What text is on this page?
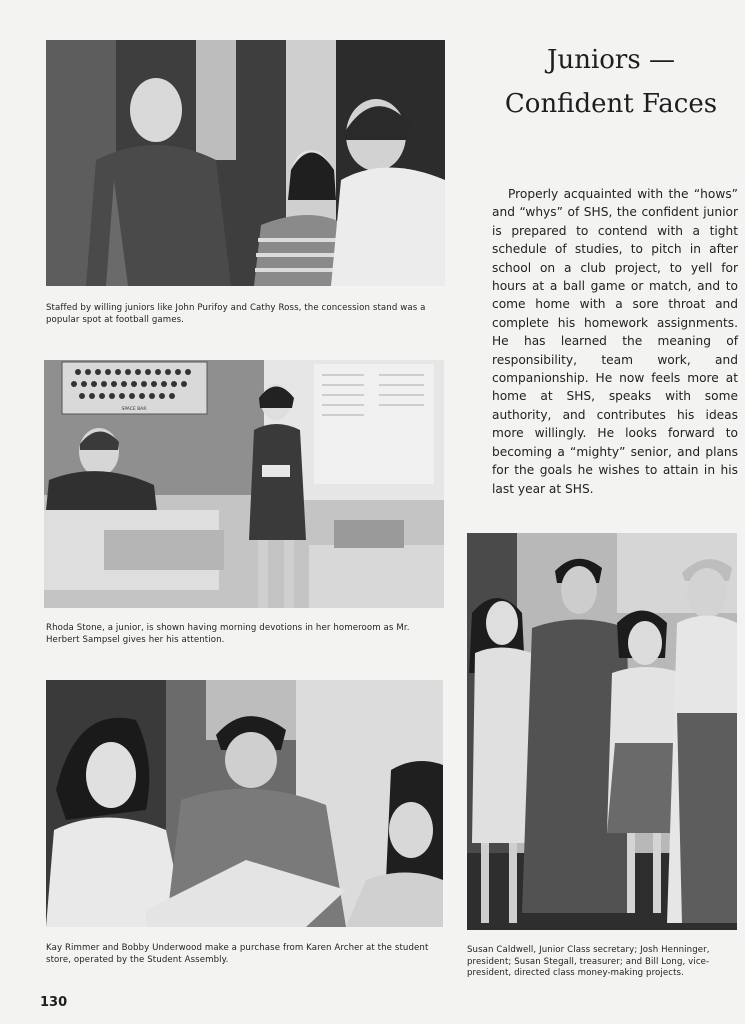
Staffed by willing juniors like John Purifoy and Cathy Ross, the concession stand was a popular spot at football games.
SPACE BAR
Rhoda Stone, a junior, is shown having morning devotions in her homeroom as Mr. Herbert Sampsel gives her his attention.
Kay Rimmer and Bobby Underwood make a purchase from Karen Archer at the student store, operated by the Student Assembly.
Susan Caldwell, Junior Class secretary; Josh Henninger, president; Susan Stegall, treasurer; and Bill Long, vice-president, directed class money-making projects.
Juniors —
Confident Faces

Properly acquainted with the “hows” and “whys” of SHS, the confident junior is prepared to contend with a tight schedule of studies, to pitch in after school on a club project, to yell for hours at a ball game or match, and to come home with a sore throat and complete his homework assignments. He has learned the meaning of responsibility, team work, and companionship. He now feels more at home at SHS, speaks with some authority, and contributes his ideas more willingly. He looks forward to becoming a “mighty” senior, and plans for the goals he wishes to attain in his last year at SHS.

130
